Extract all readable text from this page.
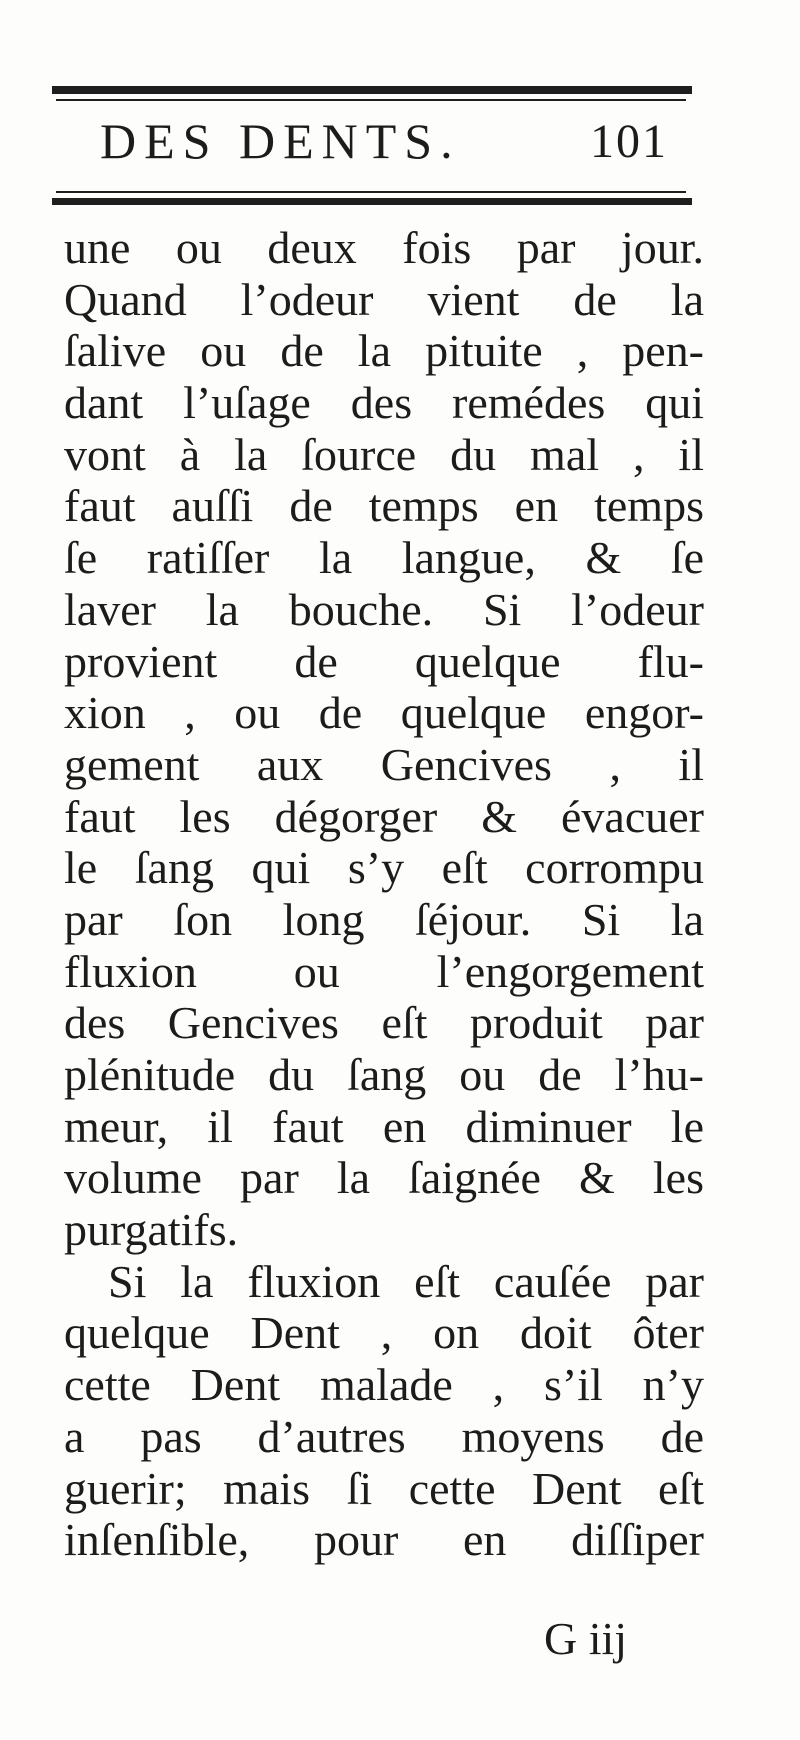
DES DENTS.	101
une ou deux fois par jour.
Quand l’odeur vient de la
ſalive ou de la pituite , pen-
dant l’uſage des remédes qui
vont à la ſource du mal , il
faut auſſi de temps en temps
ſe ratiſſer la langue, & ſe
laver la bouche. Si l’odeur
provient de quelque flu-
xion , ou de quelque engor-
gement aux Gencives , il
faut les dégorger & évacuer
le ſang qui s’y eſt corrompu
par ſon long ſéjour. Si la
fluxion ou l’engorgement
des Gencives eſt produit par
plénitude du ſang ou de l’hu-
meur, il faut en diminuer le
volume par la ſaignée & les
purgatifs.
Si la fluxion eſt cauſée par
quelque Dent , on doit ôter
cette Dent malade , s’il n’y
a pas d’autres moyens de
guerir; mais ſi cette Dent eſt
inſenſible, pour en diſſiper
G iij
